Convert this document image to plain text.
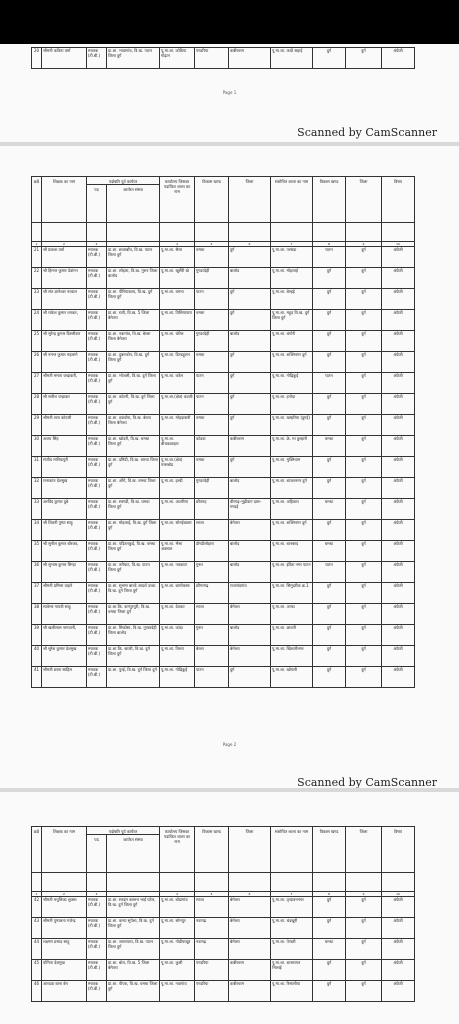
20	श्रीमती कविता वर्मा	स्नातक (टी.बी.)	प्रा.शा. भाठागांव, वि.ख. पाटन जिला दुर्ग	पू.मा.शा. कोडिया गोढ़ान	पण्डरिया	कबीरधाम	पू.मा.शा. का0 सहाई	दुर्ग	दुर्ग	अंग्रेजी
Page 1
Scanned by CamScanner
क्र0	शिक्षक का नाम	पदोन्नति पूर्व कार्यरत		कार्यालय जिसका पदांकित शाला का नाम	विकास खण्ड	जिला	संशोधित शाला का नाम	विकास खण्ड	जिला	विषय
		पद	कार्यरत संस्था							

1	2	3		4	5	6	7	8	9	10
21	श्री प्रकाश वर्मा	स्नातक (टी.बी.)	प्रा.शा. छाताबाँध, वि.ख. पाटन जिला दुर्ग	पू.मा.शा. सैला	धमधा	दुर्ग	पू.मा.शा. परसदा	पाटन	दुर्ग	अंग्रेजी
22	श्री हिमन्त कुमार देवांगन	स्नातक (टी.बी.)	प्रा.शा. लोहारा, वि.ख. गुरूर जिला बालोद	पू.मा.शा. खुर्सेरी खे	गुण्डरदेही	बालोद	पू.मा.शा. मोहलाई	दुर्ग	दुर्ग	अंग्रेजी
23	श्री संत ज्ञानेश्वर नरवाल	स्नातक (टी.बी.)	प्रा.शा. पीरियाकला, वि.ख. दुर्ग जिला दुर्ग	पू.मा.शा. धमना	पाटन	दुर्ग	पू.मा.शा. बेल्हई	दुर्ग	दुर्ग	अंग्रेजी
24	श्री राकेश कुमार धनकर,	स्नातक (टी.बी.)	प्रा.शा. रावी, वि.ख. 5 जिला बेमेतरा	पू.मा.शा. तिलियापारा	धमधा	दुर्ग	पू.मा.शा. महूद वि.ख. दुर्ग जिला दुर्ग	दुर्ग	दुर्ग	अंग्रेजी
25	श्री सुरेन्द्र कुमार दिल्लीवार	स्नातक (टी.बी.)	प्रा.शा. नवागांव, वि.ख. बेरला जिला बेमेतरा	पू.मा.शा. चोरेल	गुण्डरदेही	बालोद	पू.मा.शा. चंगोरी	दुर्ग	दुर्ग	अंग्रेजी
26	श्री नमन्त कुमार महलागे	स्नातक (टी.बी.)	प्रा.शा. दुबनकोन, वि.ख. दुर्ग जिला दुर्ग	पू.मा.शा. डिण्डहुलन	धमधा	दुर्ग	पू.मा.शा. शक्तिनगर दुर्ग	दुर्ग	दुर्ग	अंग्रेजी
27	श्रीमती ममता चन्द्राकरी,	स्नातक (टी.बी.)	प्रा.शा. भोजली, वि.ख. दुर्ग जिला दुर्ग	पू.मा.शा. करेल	पाटन	दुर्ग	पू.मा.शा. गोढ़िकुई	पाटन	दुर्ग	अंग्रेजी
28	श्री सतीश चन्द्राकर	स्नातक (टी.बी.)	प्रा.शा. कोटनी, वि.ख. दुर्ग जिला दुर्ग	पू.मा.शा.(क्षेत्र) कटली	पाटन	दुर्ग	पू.मा.शा. हनोदा	दुर्ग	दुर्ग	अंग्रेजी
29	श्रीमती लता कोठारी	स्नातक (टी.बी.)	प्रा.शा. ठकवोरा, वि.ख. बेरला जिला बेमेतरा	पू.मा.शा. मोहदाबारी	धमधा	दुर्ग	पू.मा.शा. खम्हरिया (दुगई)	दुर्ग	दुर्ग	अंग्रेजी
30	अजय सिंह	स्नातक (टी.बी.)	प्रा.शा. खोदरी, वि.ख. धमधा जिला दुर्ग	पू.मा.शा. बीचकाछहार	कोदवा	कबीरधाम	पू.मा.शा. क्रे. मा कुम्हारी	धमधा	दुर्ग	अंग्रेजी
31	संजीव मानिकपुरी	स्नातक (टी.बी.)	प्रा.शा. दमिंडी, वि.ख. धमधा जिला दुर्ग	पू.मा.शा.(क्षेत्र) परसबोड	धमधा	दुर्ग	पू.मा.शा. मुक्तिधाम	दुर्ग	दुर्ग	अंग्रेजी
32	रत्नाकांत देशमुख	स्नातक (टी.बी.)	प्रा.शा. ओंगे, वि.ख. धमधा जिला दुर्ग	पू.मा.शा. हल्दी	गुण्डरदेही	बालोद	पू.मा.शा. शांकरनगर दुर्ग	दुर्ग	दुर्ग	अंग्रेजी
33	अरविंद कुमार दुबे	स्नातक (टी.बी.)	प्रा.शा. सरण्डी, वि.ख. धमधा जिला दुर्ग	पू.मा.शा. आतरिया	छीतनह	वीरगढ़–मुह्रीवाग दास–गण्डई	पू.मा.शा. अहिवारा	धमधा	दुर्ग	अंग्रेजी
34	श्री शिवनी पुष्पा साहू	स्नातक (टी.बी.)	प्रा.शा. मोहलाई, वि.ख. दुर्ग जिला दुर्ग	पू.मा.शा. सोनईखाला	साजा	बेमेतरा	पू.मा.शा. शक्तिनगर दुर्ग	दुर्ग	दुर्ग	अंग्रेजी
35	श्री सुनील कुमार बोरकर,	स्नातक (टी.बी.)	प्रा.शा. पदिठनकुर्द, वि.ख. धमधा जिला दुर्ग	पू.मा.शा. भैसा अक्ताल	डौण्डीलोहारा	बालोद	पू.मा.शा. बानबरद	धमधा	दुर्ग	अंग्रेजी
36	श्री सुभाष कुमार सिन्हा	स्नातक (टी.बी.)	प्रा.शा. तरीघाट, वि.ख. पाटन जिला दुर्ग	पू.मा.शा. नवकाटा	गुरूर	बालोद	पू.मा.शा. इंदिरा नगर पाटन	पाटन	दुर्ग	अंग्रेजी
37	श्रीमती प्रमिला वाहने	स्नातक (टी.बी.)	प्रा.शा. सुभाष बाल्डे आदर्श उच्चा. वि.ख. दुर्ग जिला दुर्ग	पू.मा.शा. बागरेकसा	छीगरगढ़	राजनांदगांव	पू.मा.शा. सिमुदरीक क्र.1	दुर्ग	दुर्ग	अंग्रेजी
38	सावेत्तर गायत्री साहू	स्नातक (टी.बी.)	प्रा.शा.कि. कनपुरपुरी, वि.ख. धमधा जिला दुर्ग	पू.मा.शा. देवकर	साजा	बेमेतरा	पू.मा.शा. अण्डा	दुर्ग	दुर्ग	अंग्रेजी
39	श्री खलीलाल नागवानी,	स्नातक (टी.बी.)	प्रा.शा. सिकोसा, वि.ख. गुण्डरदेही जिला बालोद	पू.मा.शा. कांदा	गुरूर	बालोद	पू.मा.शा. छावनी	दुर्ग	दुर्ग	अंग्रेजी
40	श्री सुरेश कुमार देशमुख	स्नातक (टी.बी.)	प्रा.शा.कि. खपरी, वि.ख. दुर्ग जिला दुर्ग	पू.मा.शा. तिलप	बेरला	बेमेतरा	पू.मा.शा. खिलजीनगर	दुर्ग	दुर्ग	अंग्रेजी
41	श्रीमती छाया साहिल	स्नातक (टी.बी.)	प्रा.शा. पुरई, वि.ख. दुर्ग जिला दुर्ग	पू.मा.शा. गोढ़िकुई	पाटन	दुर्ग	पू.मा.शा. खोपली	दुर्ग	दुर्ग	अंग्रेजी
Page 2
Scanned by CamScanner
क्र0	शिक्षक का नाम	पदोन्नति पूर्व कार्यरत		कार्यालय जिसका पदांकित शाला का नाम	विकास खण्ड	जिला	संशोधित शाला का नाम	विकास खण्ड	जिला	विषय
		पद	कार्यरत संस्था							

1	2	3		4	5	6	7	8	9	10
42	श्रीमती मधुलिका शुक्ला	स्नातक (टी.बी.)	प्रा.शा. सरदार बल्लभ भाई पटेल, वि.ख. दुर्ग जिला दुर्ग	पू.मा.शा. बोडागांव	साजा	बेमेतरा	पू.मा.शा. वृन्दावननगर	दुर्ग	दुर्ग	अंग्रेजी
43	श्रीमती पुष्पलता गजेन्द्र	स्नातक (टी.बी.)	प्रा.शा. कन्या सुपेला, वि.ख. दुर्ग जिला दुर्ग	पू.मा.शा. सोमपुर	नवागढ़	बेमेतरा	पू.मा.शा. चंदखुरी	दुर्ग	दुर्ग	अंग्रेजी
44	लक्ष्मण प्रसाद साहू	स्नातक (टी.बी.)	प्रा.शा. जालापारा, वि.ख. पाटन जिला दुर्ग	पू.मा.शा. गोडीयाखुर	नवागढ़	बेमेतरा	पू.मा.शा. पेण्डरी	धमधा	दुर्ग	अंग्रेजी
45	योगिता देशमुख	स्नातक (टी.बी.)	प्रा.शा. बोरा, वि.ख. 5 जिला बेमेतरा	पू.मा.शा. कुली	पण्डरिया	कबीरधाम	पू.मा.शा. शासरागत भिलाई	दुर्ग	दुर्ग	अंग्रेजी
46	आरदवा बाना बेग	स्नातक (टी.बी.)	प्रा.शा. पीपरा, वि.ख. धमधा जिला दुर्ग	पू.मा.शा. नवागांव	पण्डरिया	कबीरधाम	पू.मा.शा. रिसालीया	दुर्ग	दुर्ग	अंग्रेजी
